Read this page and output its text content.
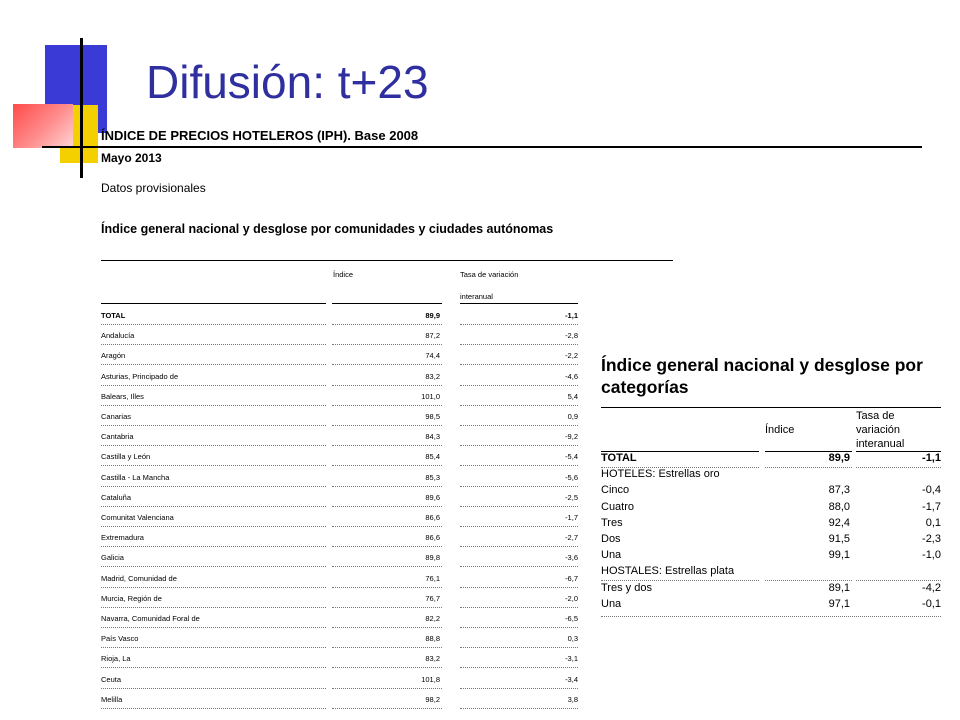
Difusión: t+23
ÍNDICE DE PRECIOS HOTELEROS (IPH). Base 2008
Mayo 2013
Datos provisionales
Índice general nacional y desglose por comunidades y ciudades autónomas
Índice	Tasa de variación
interanual
TOTAL	89,9	-1,1
Andalucía	87,2	-2,8
Aragón	74,4	-2,2
Asturias, Principado de	83,2	-4,6
Balears, Illes	101,0	5,4
Canarias	98,5	0,9
Cantabria	84,3	-9,2
Castilla y León	85,4	-5,4
Castilla - La Mancha	85,3	-5,6
Cataluña	89,6	-2,5
Comunitat Valenciana	86,6	-1,7
Extremadura	86,6	-2,7
Galicia	89,8	-3,6
Madrid, Comunidad de	76,1	-6,7
Murcia, Región de	76,7	-2,0
Navarra, Comunidad Foral de	82,2	-6,5
País Vasco	88,8	0,3
Rioja, La	83,2	-3,1
Ceuta	101,8	-3,4
Melilla	98,2	3,8
Índice general nacional y desglose por categorías
Índice
Tasa de
variación
interanual
TOTAL	89,9	-1,1
HOTELES: Estrellas oro
Cinco	87,3	-0,4
Cuatro	88,0	-1,7
Tres	92,4	0,1
Dos	91,5	-2,3
Una	99,1	-1,0
HOSTALES: Estrellas plata
Tres y dos	89,1	-4,2
Una	97,1	-0,1
